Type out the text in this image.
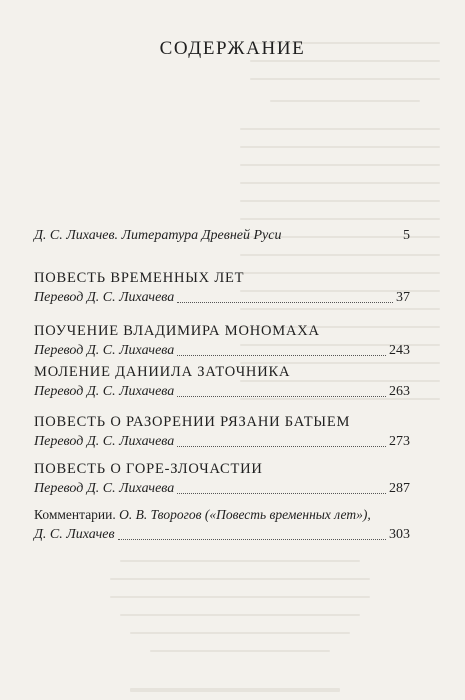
СОДЕРЖАНИЕ
Д. С. Лихачев.
Литература Древней Руси	5
ПОВЕСТЬ ВРЕМЕННЫХ ЛЕТ
Перевод Д. С. Лихачева	37
ПОУЧЕНИЕ ВЛАДИМИРА МОНОМАХА
Перевод Д. С. Лихачева	243
МОЛЕНИЕ ДАНИИЛА ЗАТОЧНИКА
Перевод Д. С. Лихачева	263
ПОВЕСТЬ О РАЗОРЕНИИ РЯЗАНИ БАТЫЕМ
Перевод Д. С. Лихачева	273
ПОВЕСТЬ О ГОРЕ-ЗЛОЧАСТИИ
Перевод Д. С. Лихачева	287
Комментарии.
О. В. Творогов («Повесть временных лет»),
Д. С. Лихачев	303
